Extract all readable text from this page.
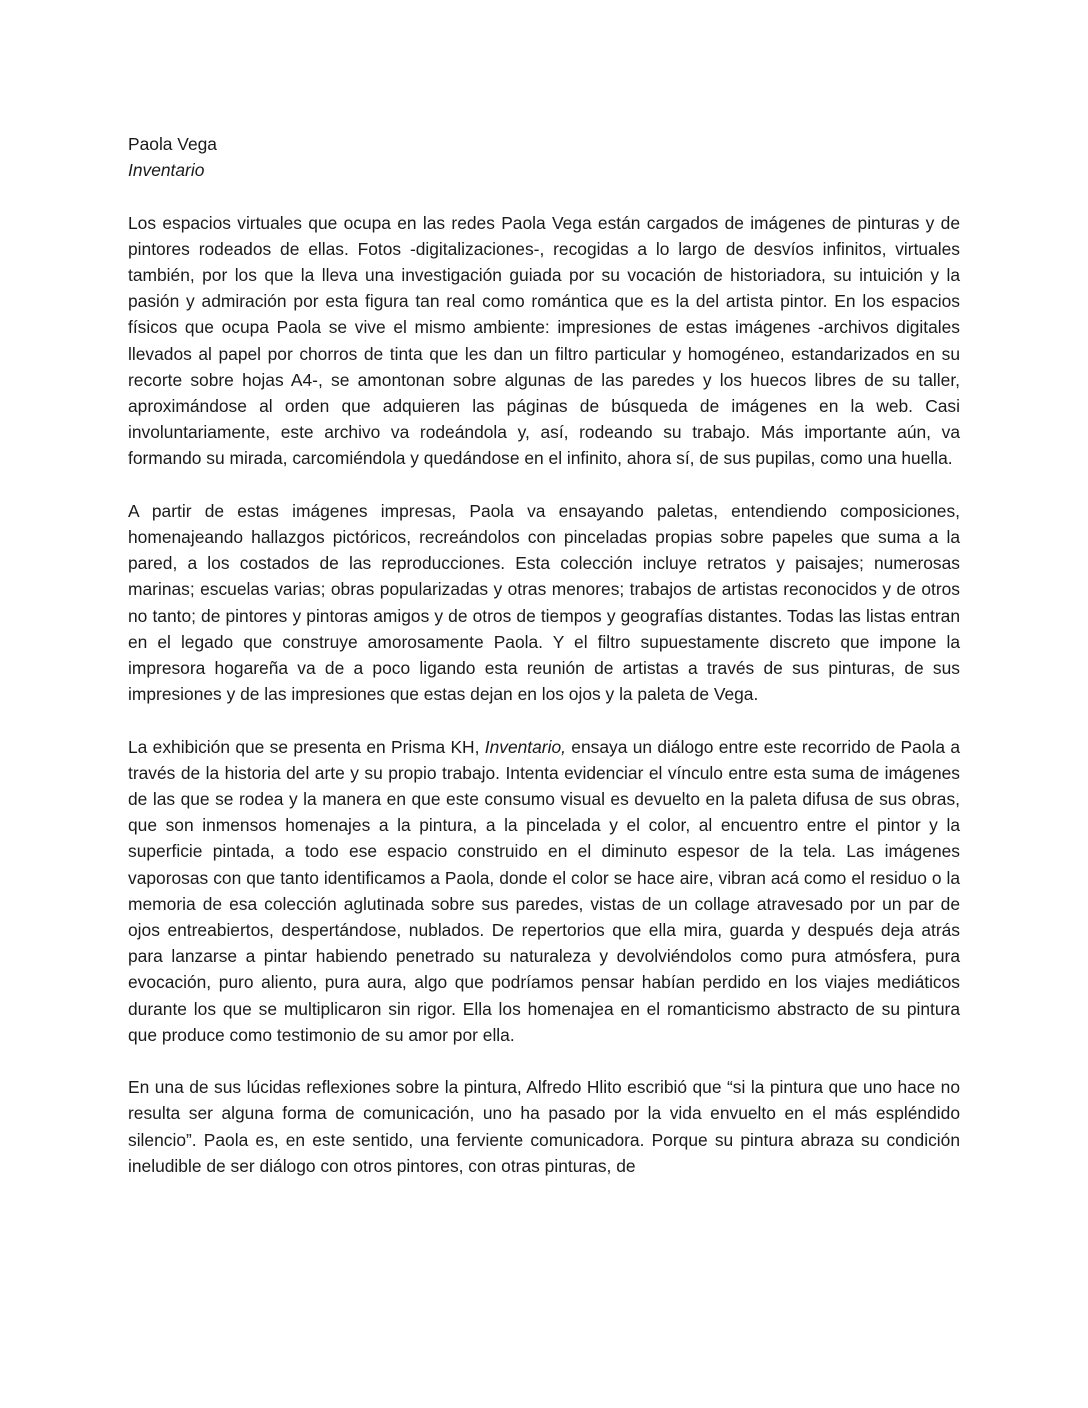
Paola Vega

Inventario

Los espacios virtuales que ocupa en las redes Paola Vega están cargados de imágenes de pinturas y de pintores rodeados de ellas. Fotos -digitalizaciones-, recogidas a lo largo de desvíos infinitos, virtuales también, por los que la lleva una investigación guiada por su vocación de historiadora, su intuición y la pasión y admiración por esta figura tan real como romántica que es la del artista pintor. En los espacios físicos que ocupa Paola se vive el mismo ambiente: impresiones de estas imágenes -archivos digitales llevados al papel por chorros de tinta que les dan un filtro particular y homogéneo, estandarizados en su recorte sobre hojas A4-, se amontonan sobre algunas de las paredes y los huecos libres de su taller, aproximándose al orden que adquieren las páginas de búsqueda de imágenes en la web. Casi involuntariamente, este archivo va rodeándola y, así, rodeando su trabajo. Más importante aún, va formando su mirada, carcomiéndola y quedándose en el infinito, ahora sí, de sus pupilas, como una huella.

A partir de estas imágenes impresas, Paola va ensayando paletas, entendiendo composiciones, homenajeando hallazgos pictóricos, recreándolos con pinceladas propias sobre papeles que suma a la pared, a los costados de las reproducciones. Esta colección incluye retratos y paisajes; numerosas marinas; escuelas varias; obras popularizadas y otras menores; trabajos de artistas reconocidos y de otros no tanto; de pintores y pintoras amigos y de otros de tiempos y geografías distantes. Todas las listas entran en el legado que construye amorosamente Paola. Y el filtro supuestamente discreto que impone la impresora hogareña va de a poco ligando esta reunión de artistas a través de sus pinturas, de sus impresiones y de las impresiones que estas dejan en los ojos y la paleta de Vega.

La exhibición que se presenta en Prisma KH, Inventario, ensaya un diálogo entre este recorrido de Paola a través de la historia del arte y su propio trabajo. Intenta evidenciar el vínculo entre esta suma de imágenes de las que se rodea y la manera en que este consumo visual es devuelto en la paleta difusa de sus obras, que son inmensos homenajes a la pintura, a la pincelada y el color, al encuentro entre el pintor y la superficie pintada, a todo ese espacio construido en el diminuto espesor de la tela. Las imágenes vaporosas con que tanto identificamos a Paola, donde el color se hace aire, vibran acá como el residuo o la memoria de esa colección aglutinada sobre sus paredes, vistas de un collage atravesado por un par de ojos entreabiertos, despertándose, nublados. De repertorios que ella mira, guarda y después deja atrás para lanzarse a pintar habiendo penetrado su naturaleza y devolviéndolos como pura atmósfera, pura evocación, puro aliento, pura aura, algo que podríamos pensar habían perdido en los viajes mediáticos durante los que se multiplicaron sin rigor. Ella los homenajea en el romanticismo abstracto de su pintura que produce como testimonio de su amor por ella.

En una de sus lúcidas reflexiones sobre la pintura, Alfredo Hlito escribió que “si la pintura que uno hace no resulta ser alguna forma de comunicación, uno ha pasado por la vida envuelto en el más espléndido silencio”. Paola es, en este sentido, una ferviente comunicadora. Porque su pintura abraza su condición ineludible de ser diálogo con otros pintores, con otras pinturas, de
